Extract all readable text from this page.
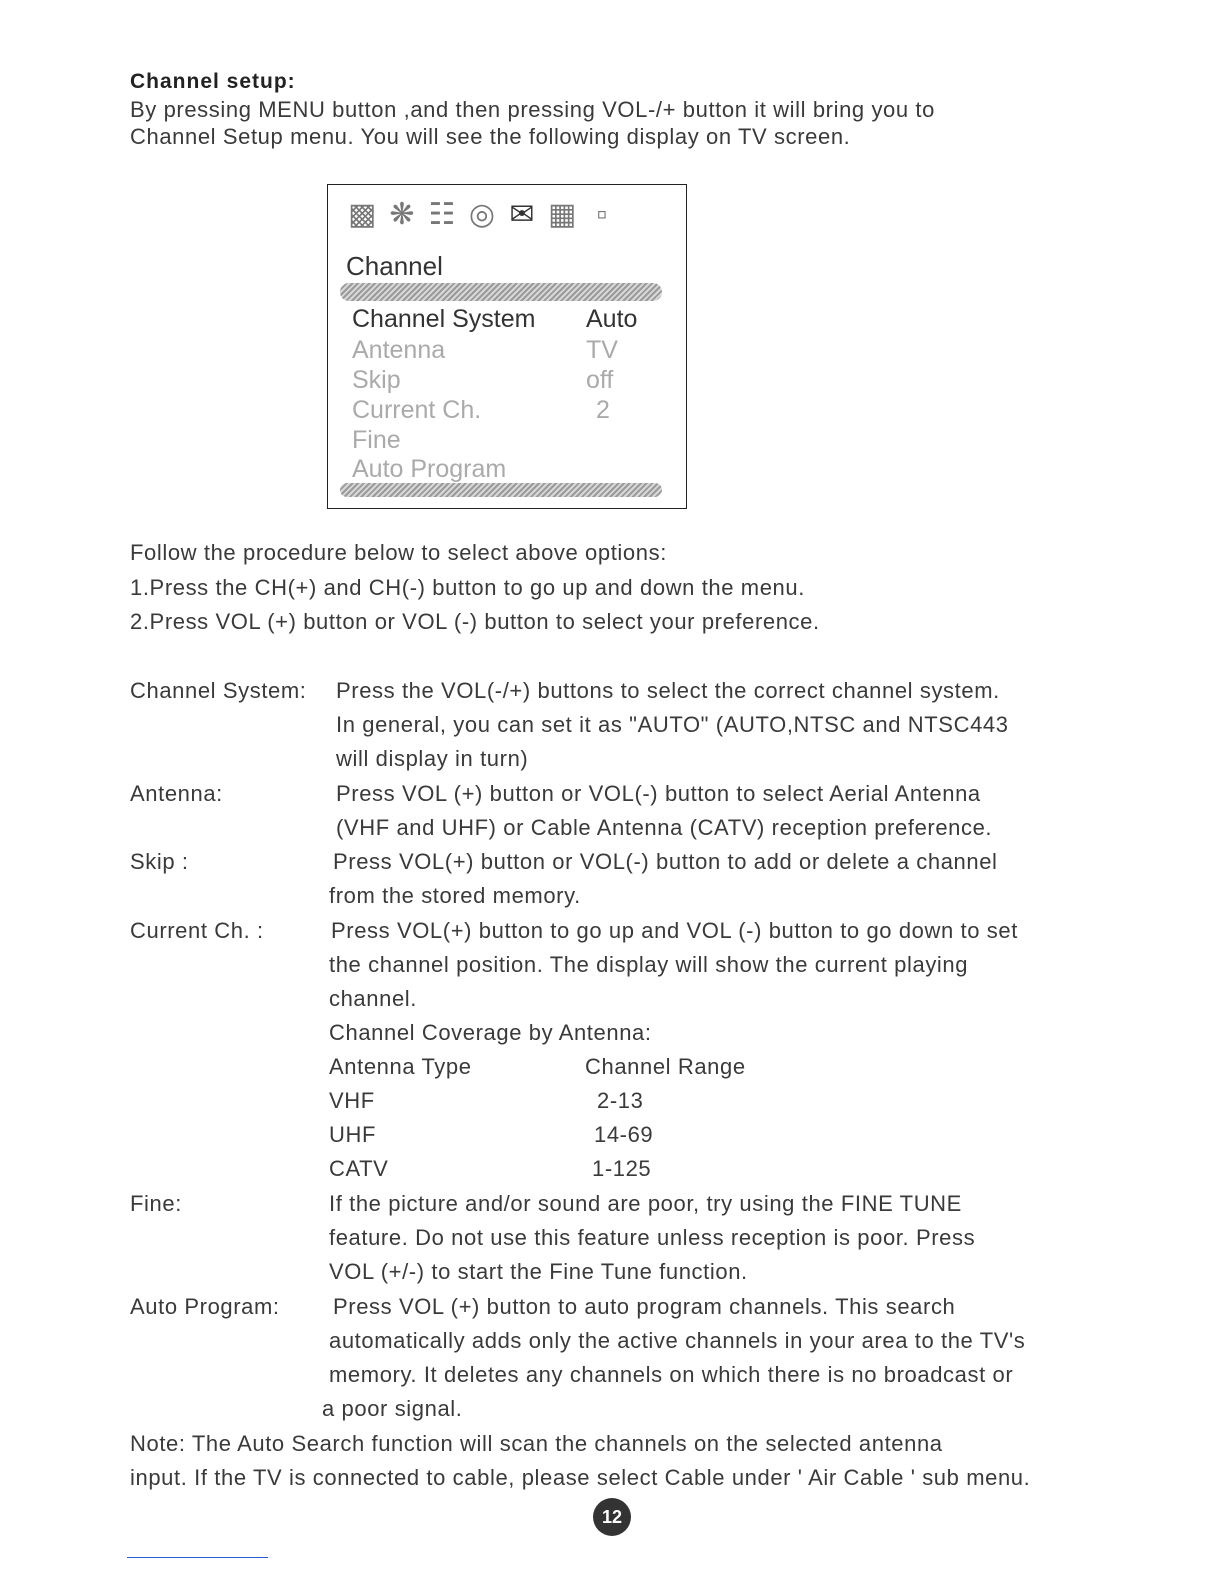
Channel setup:
By pressing MENU button ,and then pressing VOL-/+ button it will bring you to
Channel Setup menu. You will see the following display on TV screen.
▩ ❋ ☷ ◎ ✉ ▦ ▫
Channel
Channel System Auto
Antenna	TV
Skip	off
Current Ch.	2
Fine
Auto Program
Follow the procedure below to select above options:
1.Press the CH(+) and CH(-) button to go up and down the menu.
2.Press VOL (+) button or VOL (-) button to select your preference.
Channel System: Press the VOL(-/+) buttons to select the correct channel system.
In general, you can set it as "AUTO" (AUTO,NTSC and NTSC443
will display in turn)
Antenna:	Press VOL (+) button or VOL(-) button to select Aerial Antenna
(VHF and UHF) or Cable Antenna (CATV) reception preference.
Skip :	Press VOL(+) button or VOL(-) button to add or delete a channel
from the stored memory.
Current Ch. :	Press VOL(+) button to go up and VOL (-) button to go down to set
the channel position. The display will show the current playing
channel.
Channel Coverage by Antenna:
Antenna Type	Channel Range
VHF	2-13
UHF	14-69
CATV	1-125
Fine:	If the picture and/or sound are poor, try using the FINE TUNE
feature. Do not use this feature unless reception is poor. Press
VOL (+/-) to start the Fine Tune function.
Auto Program: Press VOL (+) button to auto program channels. This search
automatically adds only the active channels in your area to the TV's
memory. It deletes any channels on which there is no broadcast or
a poor signal.
Note: The Auto Search function will scan the channels on the selected antenna
input. If the TV is connected to cable, please select Cable under ' Air Cable ' sub menu.
12
